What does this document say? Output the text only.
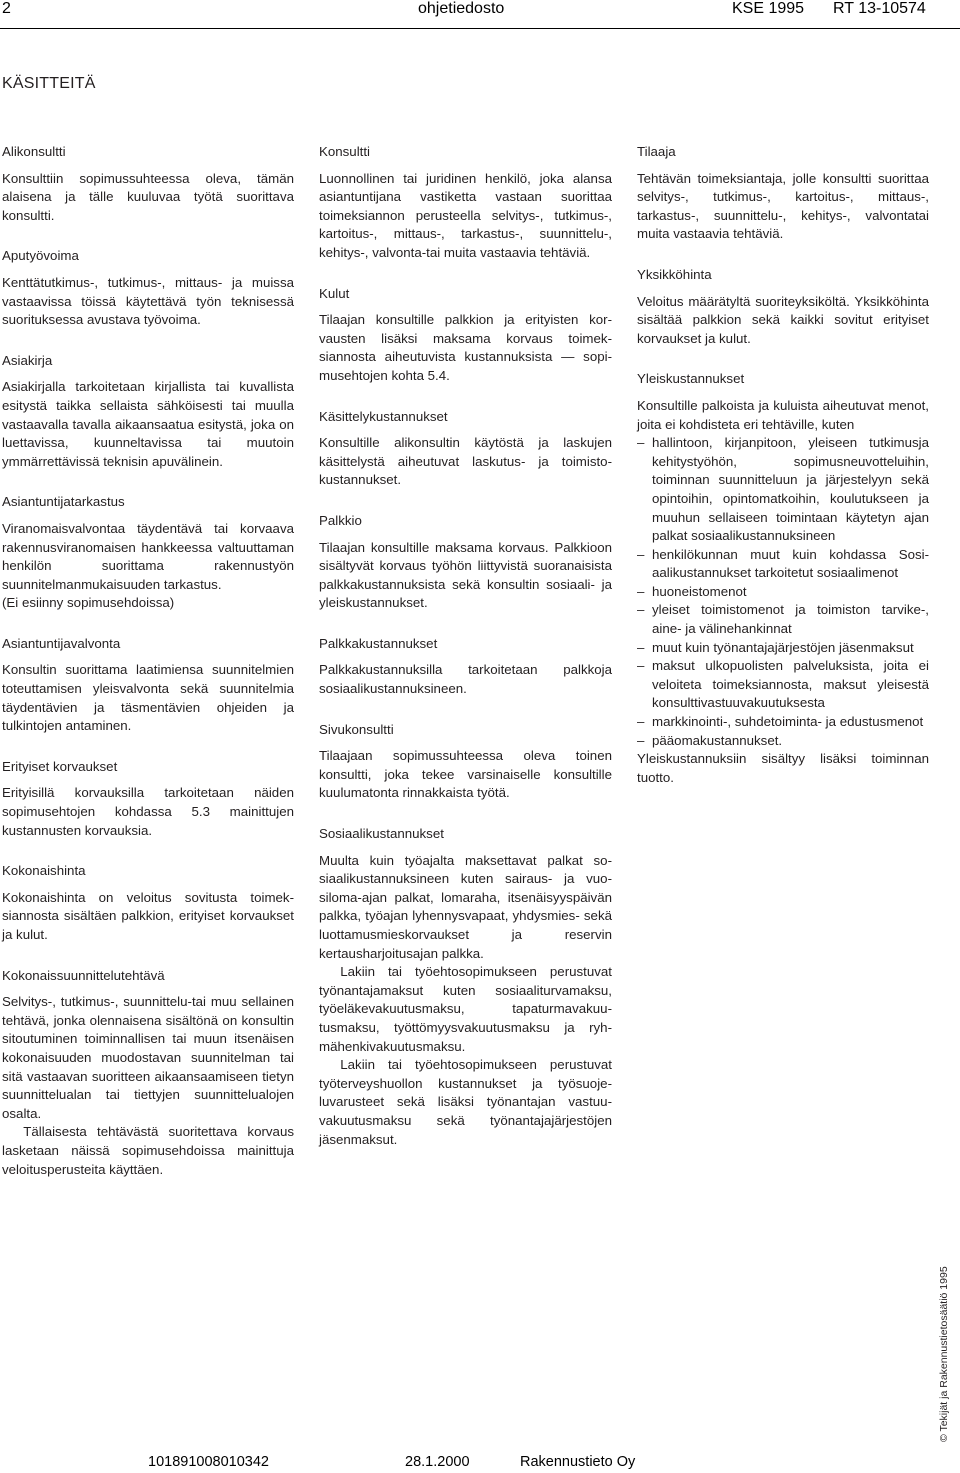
2	ohjetiedosto	KSE 1995 RT 13-10574
KÄSITTEITÄ
Alikonsultti

Konsulttiin sopimussuhteessa oleva, tämän alaisena ja tälle kuuluvaa työtä suorittava konsultti.

Aputyövoima

Kenttätutkimus-, tutkimus-, mittaus- ja muissa vastaavissa töissä käytettävä työn teknisessä suorituksessa avustava työvoima.

Asiakirja

Asiakirjalla tarkoitetaan kirjallista tai kuvallista esitystä taikka sellaista sähköisesti tai muulla vastaavalla tavalla aikaansaatua esitystä, joka on luettavissa, kuunneltavissa tai muutoin ymmärrettävissä teknisin apuvälinein.

Asiantuntijatarkastus

Viranomaisvalvontaa täydentävä tai korvaava rakennusviranomaisen hankkeessa valtuuttaman henkilön suorittama rakennustyön suunnitelmanmukaisuuden tarkastus.

(Ei esiinny sopimusehdoissa)

Asiantuntijavalvonta

Konsultin suorittama laatimiensa suunnitelmien toteuttamisen yleisvalvonta sekä suunnitelmia täydentävien ja täsmentävien ohjeiden ja tulkintojen antaminen.

Erityiset korvaukset

Erityisillä korvauksilla tarkoitetaan näiden sopimusehtojen kohdassa 5.3 mainittujen kustannusten korvauksia.

Kokonaishinta

Kokonaishinta on veloitus sovitusta toimeksiannosta sisältäen palkkion, erityiset korvaukset ja kulut.

Kokonaissuunnittelutehtävä

Selvitys-, tutkimus-, suunnittelu-tai muu sellainen tehtävä, jonka olennaisena sisältönä on konsultin sitoutuminen toiminnallisen tai muun itsenäisen kokonaisuuden muodostavan suunnitelman tai sitä vastaavan suoritteen aikaansaamiseen tietyn suunnittelualan tai tiettyjen suunnittelualojen osalta.

Tällaisesta tehtävästä suoritettava korvaus lasketaan näissä sopimusehdoissa mainittuja veloitusperusteita käyttäen.

Konsultti

Luonnollinen tai juridinen henkilö, joka alansa asiantuntijana vastiketta vastaan suorittaa toimeksiannon perusteella selvitys-, tutkimus-, kartoitus-, mittaus-, tarkastus-, suunnittelu-, kehitys-, valvonta-tai muita vastaavia tehtäviä.

Kulut

Tilaajan konsultille palkkion ja erityisten korvausten lisäksi maksama korvaus toimeksiannosta aiheutuvista kustannuksista — sopimusehtojen kohta 5.4.

Käsittelykustannukset

Konsultille alikonsultin käytöstä ja laskujen käsittelystä aiheutuvat laskutus- ja toimistokustannukset.

Palkkio

Tilaajan konsultille maksama korvaus. Palkkioon sisältyvät korvaus työhön liittyvistä suoranaisista palkkakustannuksista sekä konsultin sosiaali- ja yleiskustannukset.

Palkkakustannukset

Palkkakustannuksilla tarkoitetaan palkkoja sosiaalikustannuksineen.

Sivukonsultti

Tilaajaan sopimussuhteessa oleva toinen konsultti, joka tekee varsinaiselle konsultille kuulumatonta rinnakkaista työtä.

Sosiaalikustannukset

Muulta kuin työajalta maksettavat palkat sosiaalikustannuksineen kuten sairaus- ja vuosiloma-ajan palkat, lomaraha, itsenäisyyspäivän palkka, työajan lyhennysvapaat, yhdysmies- sekä luottamusmieskorvaukset ja reservin kertausharjoitusajan palkka.

Lakiin tai työehtosopimukseen perustuvat työnantajamaksut kuten sosiaaliturvamaksu, työeläkevakuutusmaksu, tapaturmavakuutusmaksu, työttömyysvakuutusmaksu ja ryhmähenkivakuutusmaksu.

Lakiin tai työehtosopimukseen perustuvat työterveyshuollon kustannukset ja työsuojeluvarusteet sekä lisäksi työnantajan vastuuvakuutusmaksu sekä työnantajajärjestöjen jäsenmaksut.

Tilaaja

Tehtävän toimeksiantaja, jolle konsultti suorittaa selvitys-, tutkimus-, kartoitus-, mittaus-, tarkastus-, suunnittelu-, kehitys-, valvontatai muita vastaavia tehtäviä.

Yksikköhinta

Veloitus määrätyltä suoriteyksiköltä. Yksikköhinta sisältää palkkion sekä kaikki sovitut erityiset korvaukset ja kulut.

Yleiskustannukset

Konsultille palkoista ja kuluista aiheutuvat menot, joita ei kohdisteta eri tehtäville, kuten

– hallintoon, kirjanpitoon, yleiseen tutkimusja kehitystyöhön, sopimusneuvotteluihin, toiminnan suunnitteluun ja järjestelyyn sekä opintoihin, opintomatkoihin, koulutukseen ja muuhun sellaiseen toimintaan käytetyn ajan palkat sosiaalikustannuksineen
– henkilökunnan muut kuin kohdassa Sosiaalikustannukset tarkoitetut sosiaalimenot
– huoneistomenot
– yleiset toimistomenot ja toimiston tarvike-, aine- ja välinehankinnat
– muut kuin työnantajajärjestöjen jäsenmaksut
– maksut ulkopuolisten palveluksista, joita ei veloiteta toimeksiannosta, maksut yleisestä konsulttivastuuvakuutuksesta
– markkinointi-, suhdetoiminta- ja edustusmenot
– pääomakustannukset.

Yleiskustannuksiin sisältyy lisäksi toiminnan tuotto.

© Tekijät ja Rakennustietosäätiö 1995
101891008010342	28.1.2000	Rakennustieto Oy
